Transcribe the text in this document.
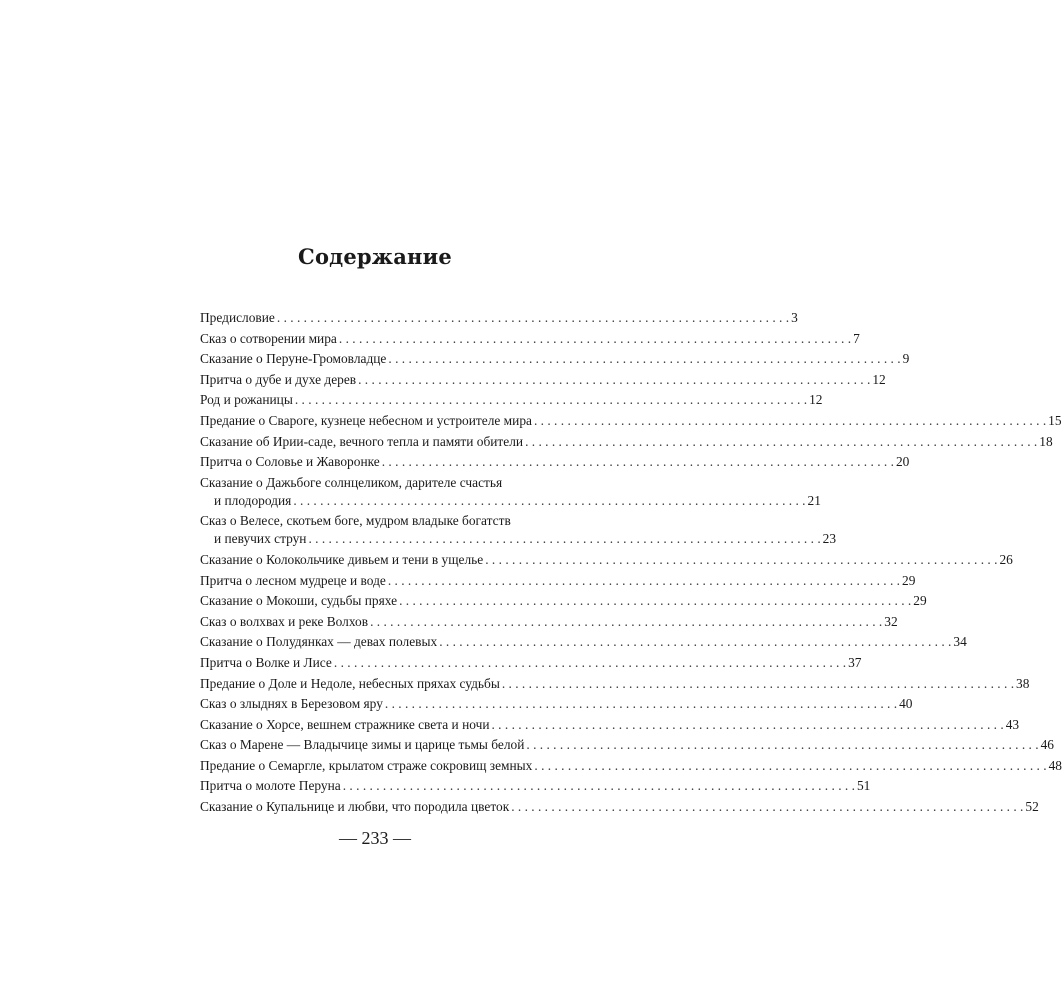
Содержание
Предисловие . . .	3
Сказ о сотворении мира . . .	7
Сказание о Перуне-Громовладце . . .	9
Притча о дубе и духе дерев . . .	12
Род и рожаницы . . .	12
Предание о Свароге, кузнеце небесном и устроителе мира . . .	15
Сказание об Ирии-саде, вечного тепла и памяти обители . . .	18
Притча о Соловье и Жаворонке . . .	20
Сказание о Дажьбоге солнцеликом, дарителе счастья
и плодородия . . .	21
Сказ о Велесе, скотьем боге, мудром владыке богатств
и певучих струн . . .	23
Сказание о Колокольчике дивьем и тени в ущелье . . .	26
Притча о лесном мудреце и воде . . .	29
Сказание о Мокоши, судьбы пряхе . . .	29
Сказ о волхвах и реке Волхов . . .	32
Сказание о Полудянках — девах полевых . . .	34
Притча о Волке и Лисе . . .	37
Предание о Доле и Недоле, небесных пряхах судьбы . . .	38
Сказ о злыднях в Березовом яру . . .	40
Сказание о Хорсе, вешнем стражнике света и ночи . . .	43
Сказ о Марене — Владычице зимы и царице тьмы белой . . .	46
Предание о Семаргле, крылатом страже сокровищ земных . . .	48
Притча о молоте Перуна . . .	51
Сказание о Купальнице и любви, что породила цветок . . .	52
— 233 —
